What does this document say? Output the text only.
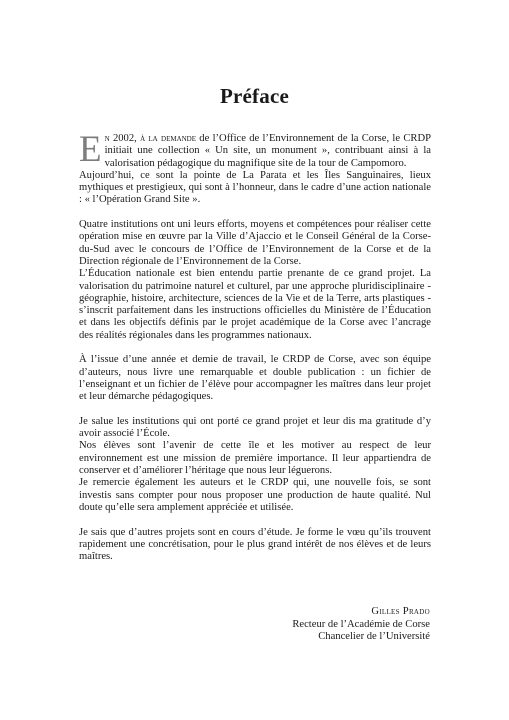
Préface

En 2002, à la demande de l’Office de l’Environnement de la Corse, le CRDP initiait une collection « Un site, un monument », contribuant ainsi à la valorisation pédagogique du magnifique site de la tour de Campomoro.

Aujourd’hui, ce sont la pointe de La Parata et les Îles Sanguinaires, lieux mythiques et prestigieux, qui sont à l’honneur, dans le cadre d’une action nationale : « l’Opération Grand Site ».

Quatre institutions ont uni leurs efforts, moyens et compétences pour réaliser cette opération mise en œuvre par la Ville d’Ajaccio et le Conseil Général de la Corse-du-Sud avec le concours de l’Office de l’Environnement de la Corse et de la Direction régionale de l’Environnement de la Corse.

L’Éducation nationale est bien entendu partie prenante de ce grand projet. La valorisation du patrimoine naturel et culturel, par une approche pluridisciplinaire - géographie, histoire, architecture, sciences de la Vie et de la Terre, arts plastiques - s’inscrit parfaitement dans les instructions officielles du Ministère de l’Éducation et dans les objectifs définis par le projet académique de la Corse avec l’ancrage des réalités régionales dans les programmes nationaux.

À l’issue d’une année et demie de travail, le CRDP de Corse, avec son équipe d’auteurs, nous livre une remarquable et double publication : un fichier de l’enseignant et un fichier de l’élève pour accompagner les maîtres dans leur projet et leur démarche pédagogiques.

Je salue les institutions qui ont porté ce grand projet et leur dis ma gratitude d’y avoir associé l’École.

Nos élèves sont l’avenir de cette île et les motiver au respect de leur environnement est une mission de première importance. Il leur appartiendra de conserver et d’améliorer l’héritage que nous leur léguerons.

Je remercie également les auteurs et le CRDP qui, une nouvelle fois, se sont investis sans compter pour nous proposer une production de haute qualité. Nul doute qu’elle sera amplement appréciée et utilisée.

Je sais que d’autres projets sont en cours d’étude. Je forme le vœu qu’ils trouvent rapidement une concrétisation, pour le plus grand intérêt de nos élèves et de leurs maîtres.

Gilles Prado
Recteur de l’Académie de Corse
Chancelier de l’Université
